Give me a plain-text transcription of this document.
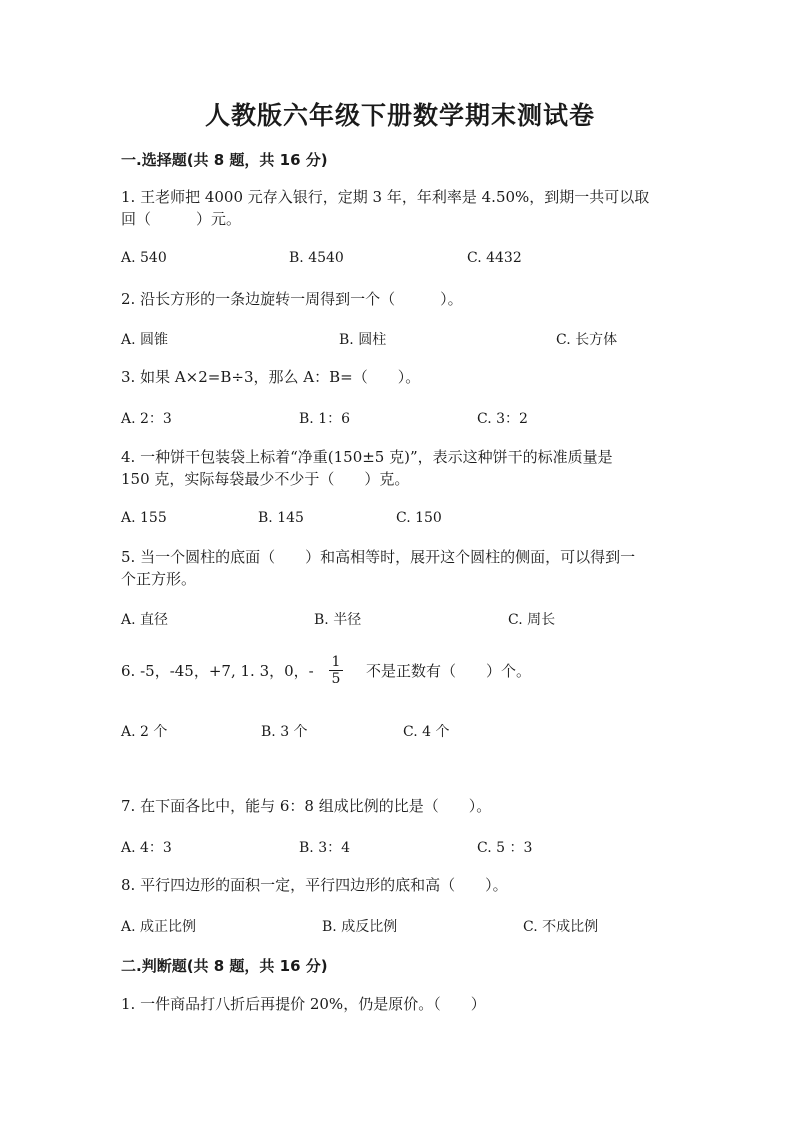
人教版六年级下册数学期末测试卷
一.选择题(共 8 题，共 16 分)
1. 王老师把 4000 元存入银行，定期 3 年，年利率是 4.50%，到期一共可以取
回（　　　）元。
A. 540	B. 4540	C. 4432
2. 沿长方形的一条边旋转一周得到一个（　　　）。
A. 圆锥	B. 圆柱	C. 长方体
3. 如果 A×2=B÷3，那么 A：B=（　　）。
A. 2：3	B. 1：6	C. 3：2
4. 一种饼干包装袋上标着“净重(150±5 克)”，表示这种饼干的标准质量是
150 克，实际每袋最少不少于（　　）克。
A. 155	B. 145	C. 150
5. 当一个圆柱的底面（　　）和高相等时，展开这个圆柱的侧面，可以得到一
个正方形。
A. 直径	B. 半径	C. 周长
6. -5，-45，+7, 1. 3，0，- $\frac{1}{5}$ 不是正数有（　　）个。
A. 2 个	B. 3 个	C. 4 个
7. 在下面各比中，能与 6：8 组成比例的比是（　　）。
A. 4：3	B. 3：4	C. 5 ：3
8. 平行四边形的面积一定，平行四边形的底和高（　　）。
A. 成正比例	B. 成反比例	C. 不成比例
二.判断题(共 8 题，共 16 分)
1. 一件商品打八折后再提价 20%，仍是原价。（　　）
